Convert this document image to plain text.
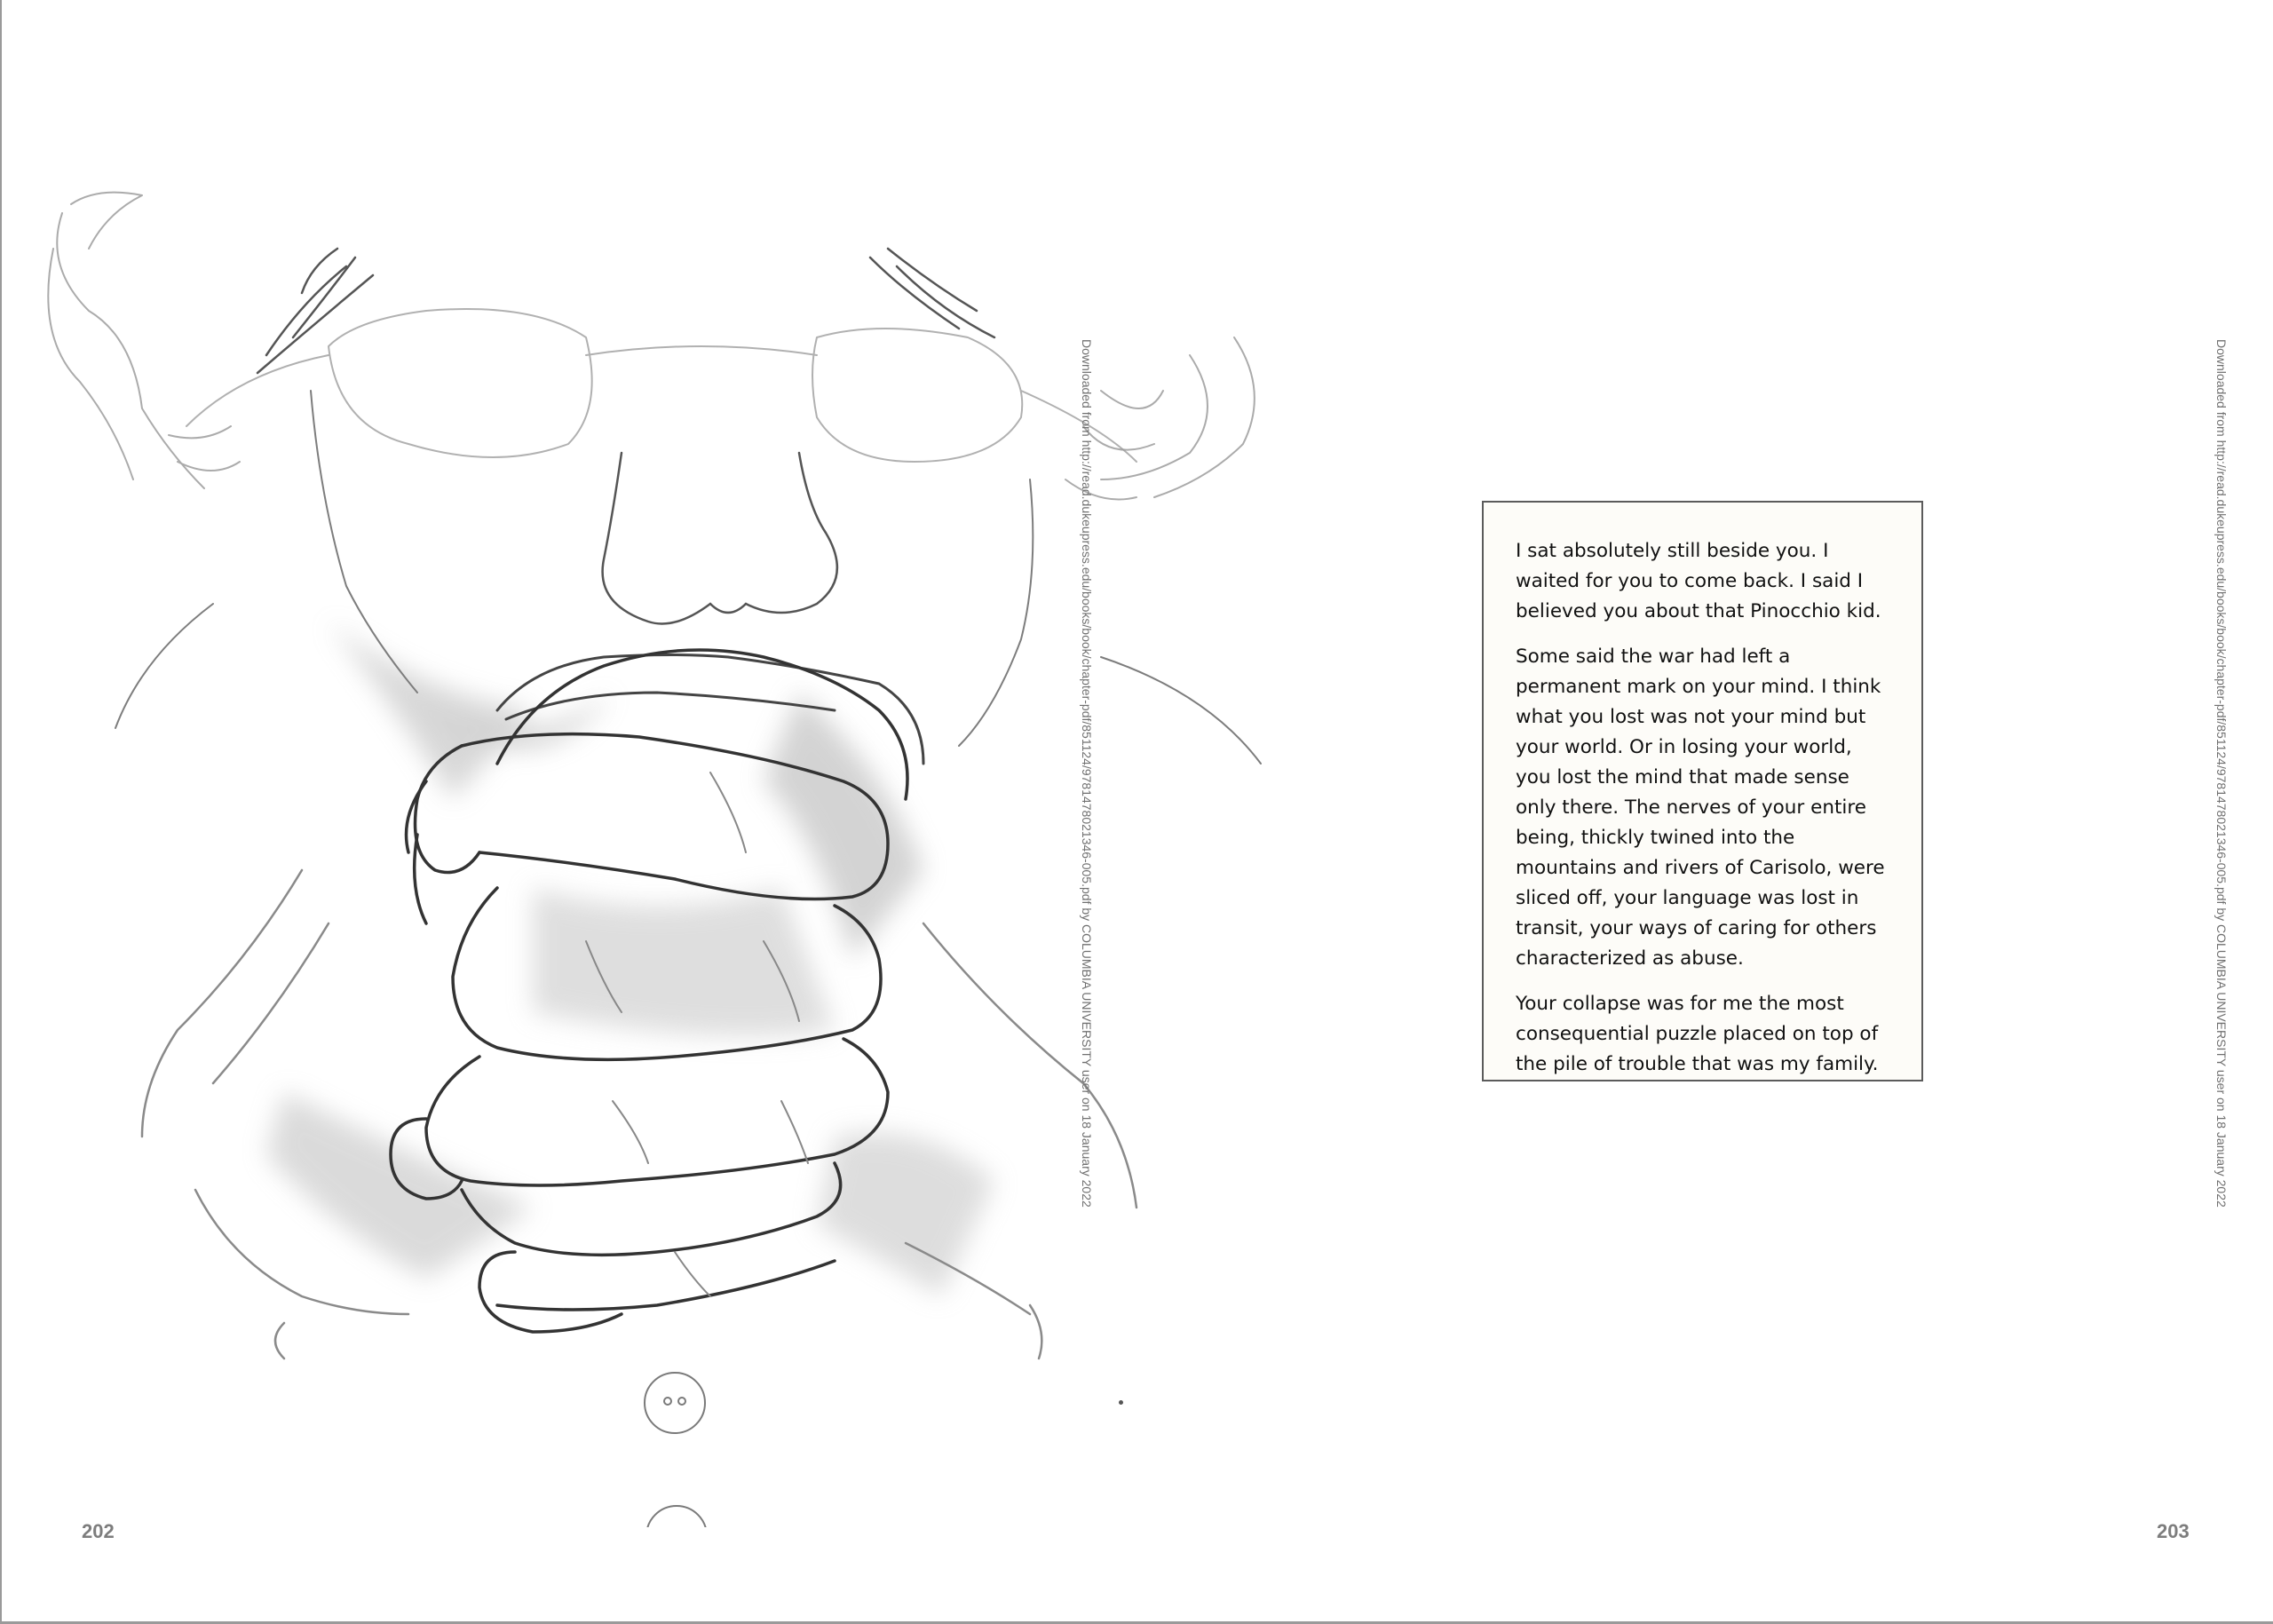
Downloaded from http://read.dukeupress.edu/books/book/chapter-pdf/851124/9781478021346-005.pdf by COLUMBIA UNIVERSITY user on 18 January 2022	Downloaded from http://read.dukeupress.edu/books/book/chapter-pdf/851124/9781478021346-005.pdf by COLUMBIA UNIVERSITY user on 18 January 2022

I sat absolutely still beside you. I waited for you to come back. I said I believed you about that Pinocchio kid.

Some said the war had left a permanent mark on your mind. I think what you lost was not your mind but your world. Or in losing your world, you lost the mind that made sense only there. The nerves of your entire being, thickly twined into the mountains and rivers of Carisolo, were sliced off, your language was lost in transit, your ways of caring for others characterized as abuse.

Your collapse was for me the most consequential puzzle placed on top of the pile of trouble that was my family.

202	203
